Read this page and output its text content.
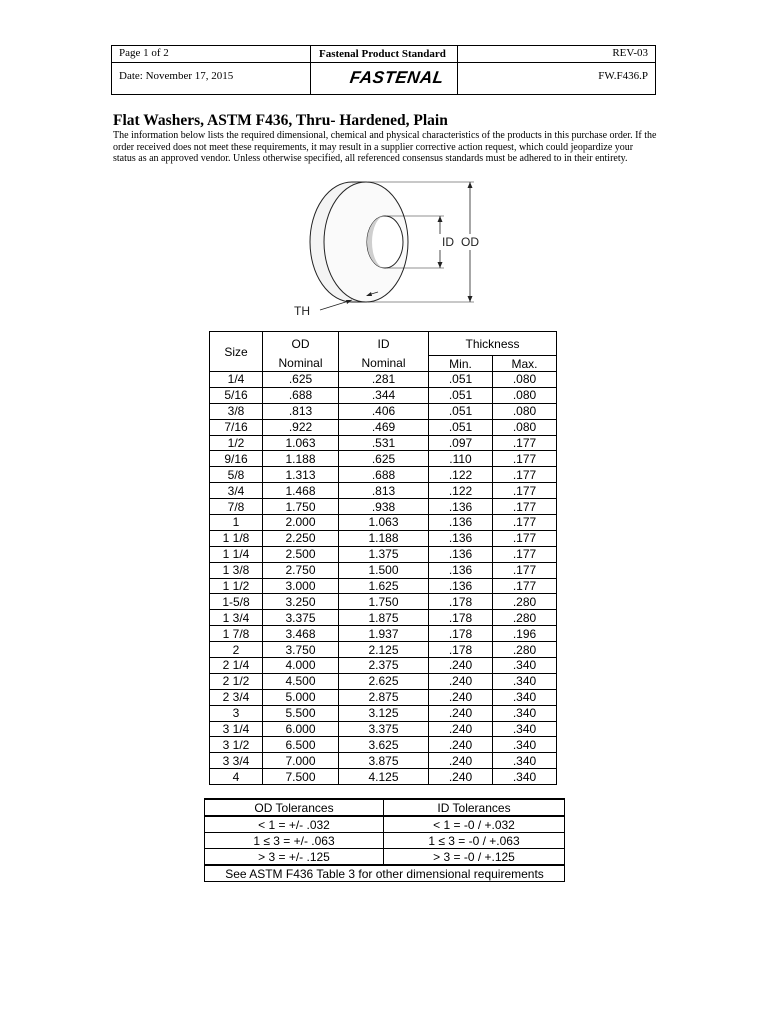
Page 1 of 2	Fastenal Product Standard	REV-03
Date: November 17, 2015	FASTENAL	FW.F436.P
Flat Washers, ASTM F436, Thru- Hardened, Plain
The information below lists the required dimensional, chemical and physical characteristics of the products in this purchase order. If the order received does not meet these requirements, it may result in a supplier corrective action request, which could jeopardize your status as an approved vendor. Unless otherwise specified, all referenced consensus standards must be adhered to in their entirety.
ID OD
TH
Size	OD	ID	Thickness	
	Nominal	Nominal	Min.	Max.
1/4	.625	.281	.051	.080
5/16	.688	.344	.051	.080
3/8	.813	.406	.051	.080
7/16	.922	.469	.051	.080
1/2	1.063	.531	.097	.177
9/16	1.188	.625	.110	.177
5/8	1.313	.688	.122	.177
3/4	1.468	.813	.122	.177
7/8	1.750	.938	.136	.177
1	2.000	1.063	.136	.177
1 1/8	2.250	1.188	.136	.177
1 1/4	2.500	1.375	.136	.177
1 3/8	2.750	1.500	.136	.177
1 1/2	3.000	1.625	.136	.177
1-5/8	3.250	1.750	.178	.280
1 3/4	3.375	1.875	.178	.280
1 7/8	3.468	1.937	.178	.196
2	3.750	2.125	.178	.280
2 1/4	4.000	2.375	.240	.340
2 1/2	4.500	2.625	.240	.340
2 3/4	5.000	2.875	.240	.340
3	5.500	3.125	.240	.340
3 1/4	6.000	3.375	.240	.340
3 1/2	6.500	3.625	.240	.340
3 3/4	7.000	3.875	.240	.340
4	7.500	4.125	.240	.340
OD Tolerances	ID Tolerances
< 1 = +/- .032	< 1 = -0 / +.032
1 ≤ 3 = +/- .063	1 ≤ 3 = -0 / +.063
> 3 = +/- .125	> 3 = -0 / +.125
See ASTM F436 Table 3 for other dimensional requirements	
